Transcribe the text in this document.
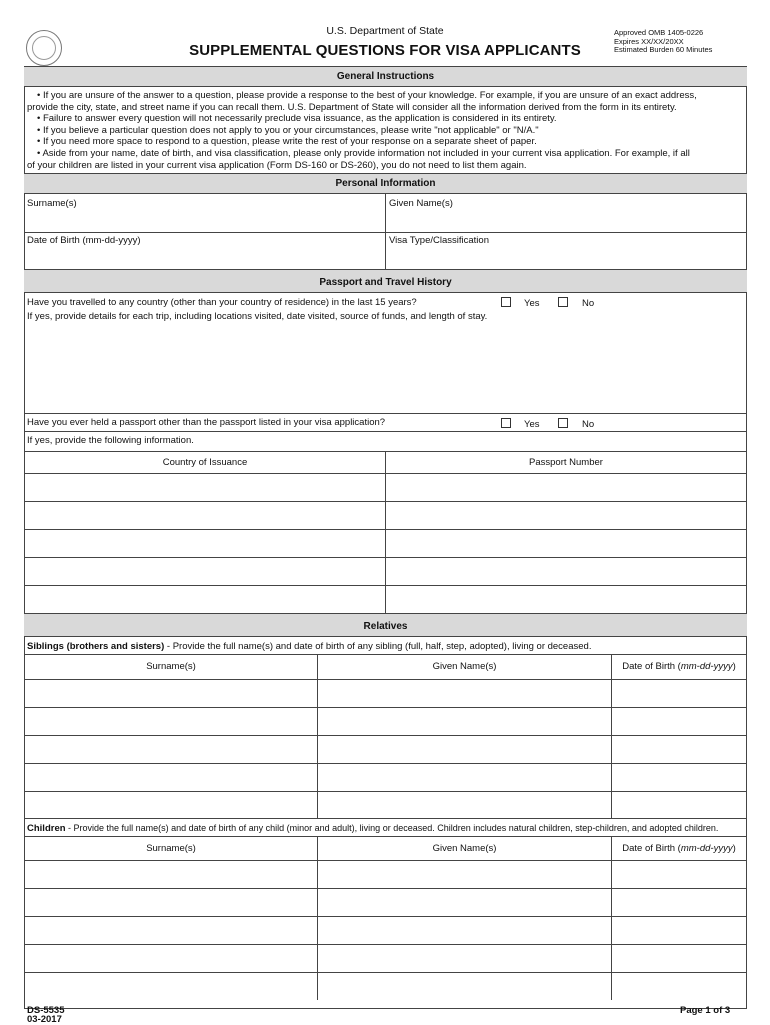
U.S. Department of State
SUPPLEMENTAL QUESTIONS FOR VISA APPLICANTS
Approved OMB 1405-0226
Expires XX/XX/20XX
Estimated Burden 60 Minutes
General Instructions
• If you are unsure of the answer to a question, please provide a response to the best of your knowledge. For example, if you are unsure of an exact address,
provide the city, state, and street name if you can recall them. U.S. Department of State will consider all the information derived from the form in its entirety.
• Failure to answer every question will not necessarily preclude visa issuance, as the application is considered in its entirety.
• If you believe a particular question does not apply to you or your circumstances, please write "not applicable" or "N/A."
• If you need more space to respond to a question, please write the rest of your response on a separate sheet of paper.
• Aside from your name, date of birth, and visa classification, please only provide information not included in your current visa application. For example, if all
of your children are listed in your current visa application (Form DS-160 or DS-260), you do not need to list them again.
Personal Information
Surname(s)	Given Name(s)
Date of Birth (mm-dd-yyyy)	Visa Type/Classification
Passport and Travel History
Have you travelled to any country (other than your country of residence) in the last 15 years?	Yes	No
If yes, provide details for each trip, including locations visited, date visited, source of funds, and length of stay.
Have you ever held a passport other than the passport listed in your visa application?	Yes	No
If yes, provide the following information.
Country of Issuance	Passport Number
Relatives
Siblings (brothers and sisters) - Provide the full name(s) and date of birth of any sibling (full, half, step, adopted), living or deceased.
Surname(s)	Given Name(s)	Date of Birth (mm-dd-yyyy)
Children - Provide the full name(s) and date of birth of any child (minor and adult), living or deceased. Children includes natural children, step-children, and adopted children.
Surname(s)	Given Name(s)	Date of Birth (mm-dd-yyyy)
DS-5535
03-2017
Page 1 of 3
